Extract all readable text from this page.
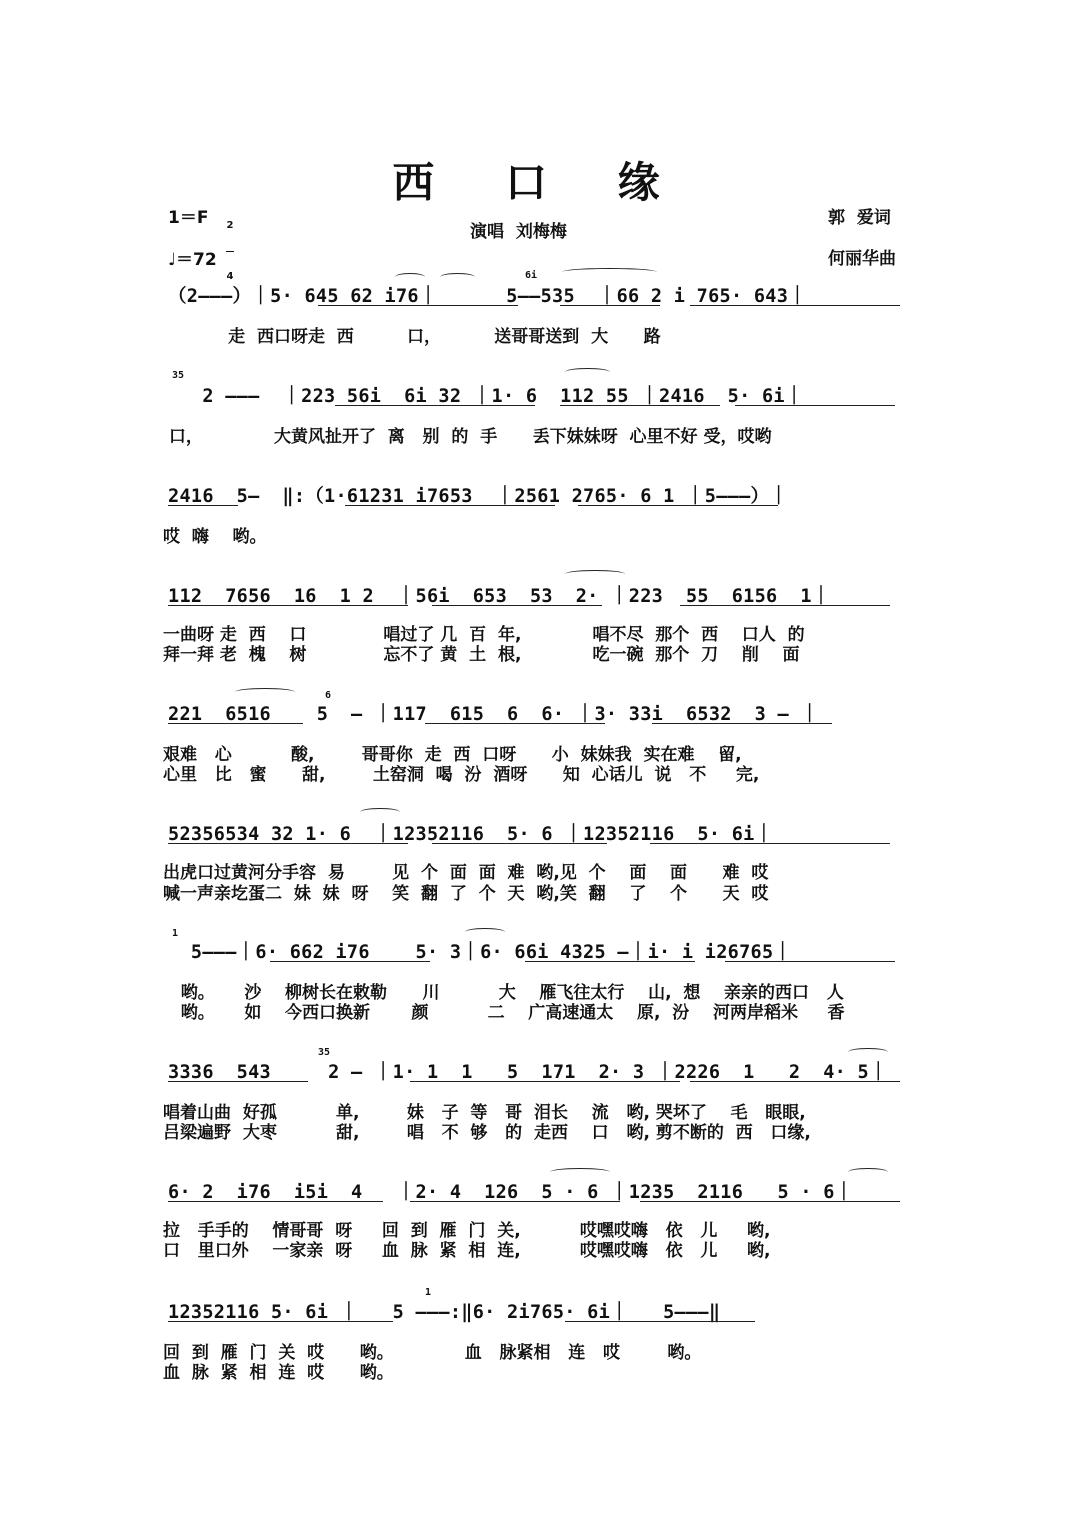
西 口 缘
1＝F

2

4

♩＝72
演唱  刘梅梅
郭  爱词
何丽华曲
（2———）｜5· 645 62 i76｜      5——535  ｜66 2 i 765· 643｜
6i
走  西口呀走  西         口，         送哥哥送到  大      路
35
2 ———  ｜223 56i  6i 32 ｜1· 6  112 55 ｜2416  5· 6i｜
口，            大黄风扯开了  离   别  的  手      丢下妹妹呀  心里不好 受，哎哟
2416  5—  ‖:（1·61231 i7653  ｜2561 2765· 6 1 ｜5———）｜
哎  嗨    哟。
112  7656  16  1 2  ｜56i  653  53  2· ｜223  55  6156  1｜
一曲呀 走  西    口             唱过了 几  百  年,            唱不尽  那个  西    口人  的
拜一拜 老  槐    树             忘不了 黄  土  根,            吃一碗  那个  刀    削    面
6
221  6516    5  — ｜117  615  6  6· ｜3· 33i  6532  3 — ｜
艰难   心          酸,        哥哥你  走  西  口呀      小  妹妹我  实在难    留,
心里   比   蜜      甜,        土窑洞  喝  汾  酒呀      知  心话儿  说   不     完,
52356534 32 1· 6  ｜12352116  5· 6 ｜12352116  5· 6i｜
出虎口过黄河分手容  易        见  个  面  面  难  哟,见  个    面    面      难  哎
喊一声亲圪蛋二  妹  妹  呀    笑  翻  了  个  天  哟,笑  翻    了    个      天  哎
1
5———｜6· 662 i76    5· 3｜6· 66i 4325 —｜i· i i26765｜
哟。     沙    柳树长在敕勒      川          大    雁飞往太行    山,  想    亲亲的西口   人
哟。     如    今西口换新       颜          二    广高速通太    原,  汾    河两岸稻米     香
35
3336  543     2 — ｜1· 1  1   5  171  2· 3 ｜2226  1   2  4· 5｜
唱着山曲  好孤          单,        妹   子  等   哥  泪长    流   哟, 哭坏了    毛   眼眼,
吕梁遍野  大枣          甜,        唱   不  够   的  走西    口   哟, 剪不断的  西   口缘,
6· 2  i76  i5i  4   ｜2· 4  126  5 · 6 ｜1235  2116   5 · 6｜
拉   手手的    情哥哥  呀     回  到  雁  门  关,          哎嘿哎嗨   依   儿     哟,
口   里口外    一家亲  呀     血  脉  紧  相  连,          哎嘿哎嗨   依   儿     哟,
1
12352116 5· 6i ｜   5 ———:‖6· 2i765· 6i｜   5———‖
回  到  雁  门  关  哎      哟。            血   脉紧相   连   哎        哟。
血  脉  紧  相  连  哎      哟。
